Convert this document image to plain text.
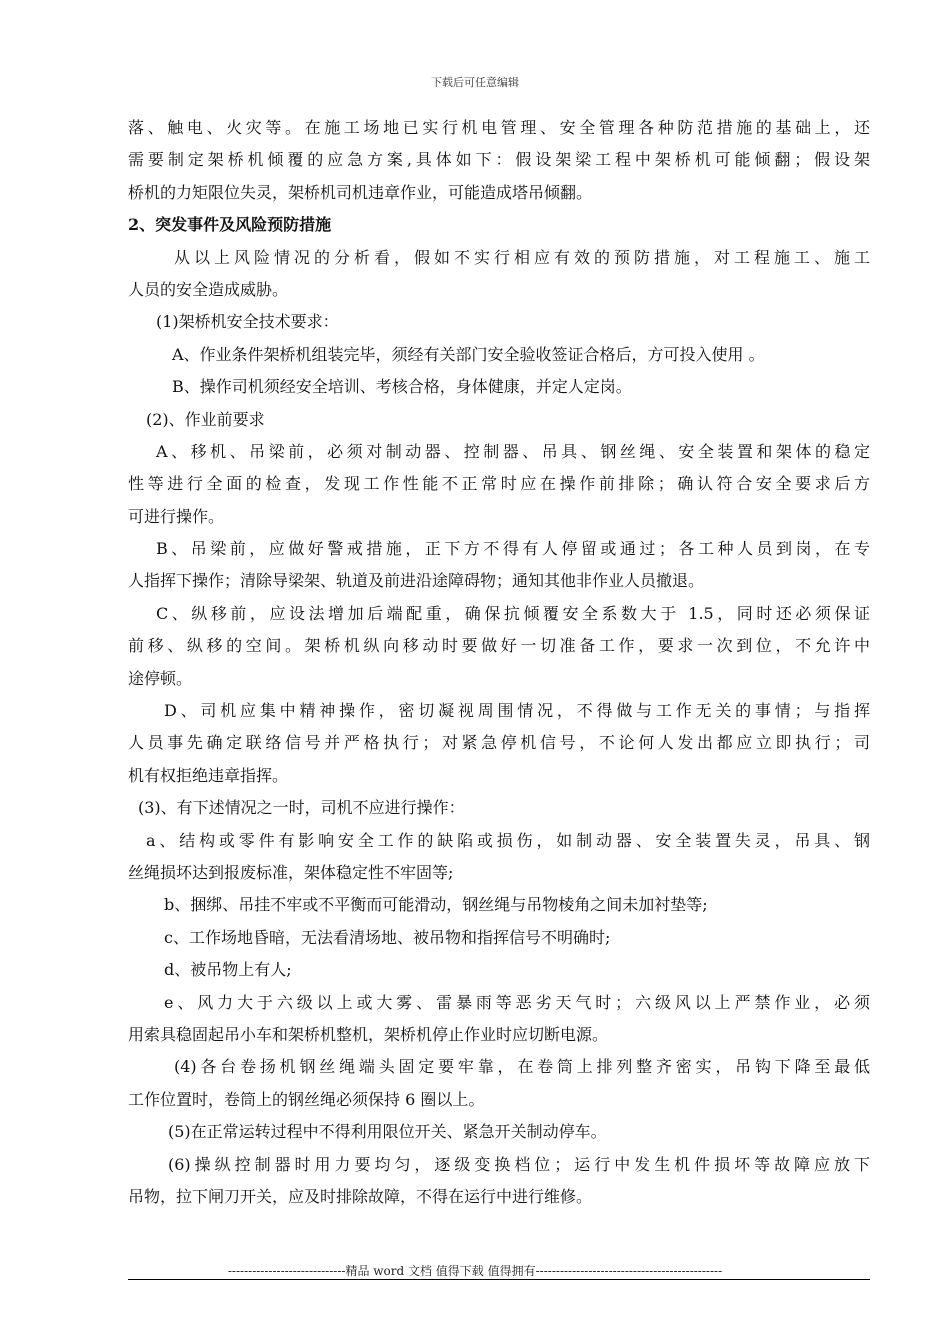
下载后可任意编辑
落、触电、火灾等。在施工场地已实行机电管理、安全管理各种防范措施的基础上，还
需要制定架桥机倾覆的应急方案,具体如下：假设架梁工程中架桥机可能倾翻；假设架
桥机的力矩限位失灵，架桥机司机违章作业，可能造成塔吊倾翻。
2、突发事件及风险预防措施
从以上风险情况的分析看，假如不实行相应有效的预防措施，对工程施工、施工
人员的安全造成威胁。
(1)架桥机安全技术要求：
A、作业条件架桥机组装完毕，须经有关部门安全验收签证合格后，方可投入使用 。
B、操作司机须经安全培训、考核合格，身体健康，并定人定岗。
(2)、作业前要求
A、移机、吊梁前，必须对制动器、控制器、吊具、钢丝绳、安全装置和架体的稳定
性等进行全面的检查，发现工作性能不正常时应在操作前排除；确认符合安全要求后方
可进行操作。
B、吊梁前，应做好警戒措施，正下方不得有人停留或通过；各工种人员到岗，在专
人指挥下操作；清除导梁架、轨道及前进沿途障碍物；通知其他非作业人员撤退。
C、纵移前，应设法增加后端配重，确保抗倾覆安全系数大于 1.5，同时还必须保证
前移、纵移的空间。架桥机纵向移动时要做好一切准备工作，要求一次到位，不允许中
途停顿。
D、司机应集中精神操作，密切凝视周围情况，不得做与工作无关的事情；与指挥
人员事先确定联络信号并严格执行；对紧急停机信号，不论何人发出都应立即执行；司
机有权拒绝违章指挥。
(3)、有下述情况之一时，司机不应进行操作：
a、结构或零件有影响安全工作的缺陷或损伤，如制动器、安全装置失灵，吊具、钢
丝绳损坏达到报废标准，架体稳定性不牢固等;
b、捆绑、吊挂不牢或不平衡而可能滑动，钢丝绳与吊物棱角之间未加衬垫等;
c、工作场地昏暗，无法看清场地、被吊物和指挥信号不明确时;
d、被吊物上有人;
e、风力大于六级以上或大雾、雷暴雨等恶劣天气时；六级风以上严禁作业，必须
用索具稳固起吊小车和架桥机整机，架桥机停止作业时应切断电源。
(4)各台卷扬机钢丝绳端头固定要牢靠，在卷筒上排列整齐密实，吊钩下降至最低
工作位置时，卷筒上的钢丝绳必须保持 6 圈以上。
(5)在正常运转过程中不得利用限位开关、紧急开关制动停车。
(6)操纵控制器时用力要均匀，逐级变换档位；运行中发生机件损坏等故障应放下
吊物，拉下闸刀开关，应及时排除故障，不得在运行中进行维修。
-----------------------------精品 word 文档 值得下载 值得拥有----------------------------------------------
